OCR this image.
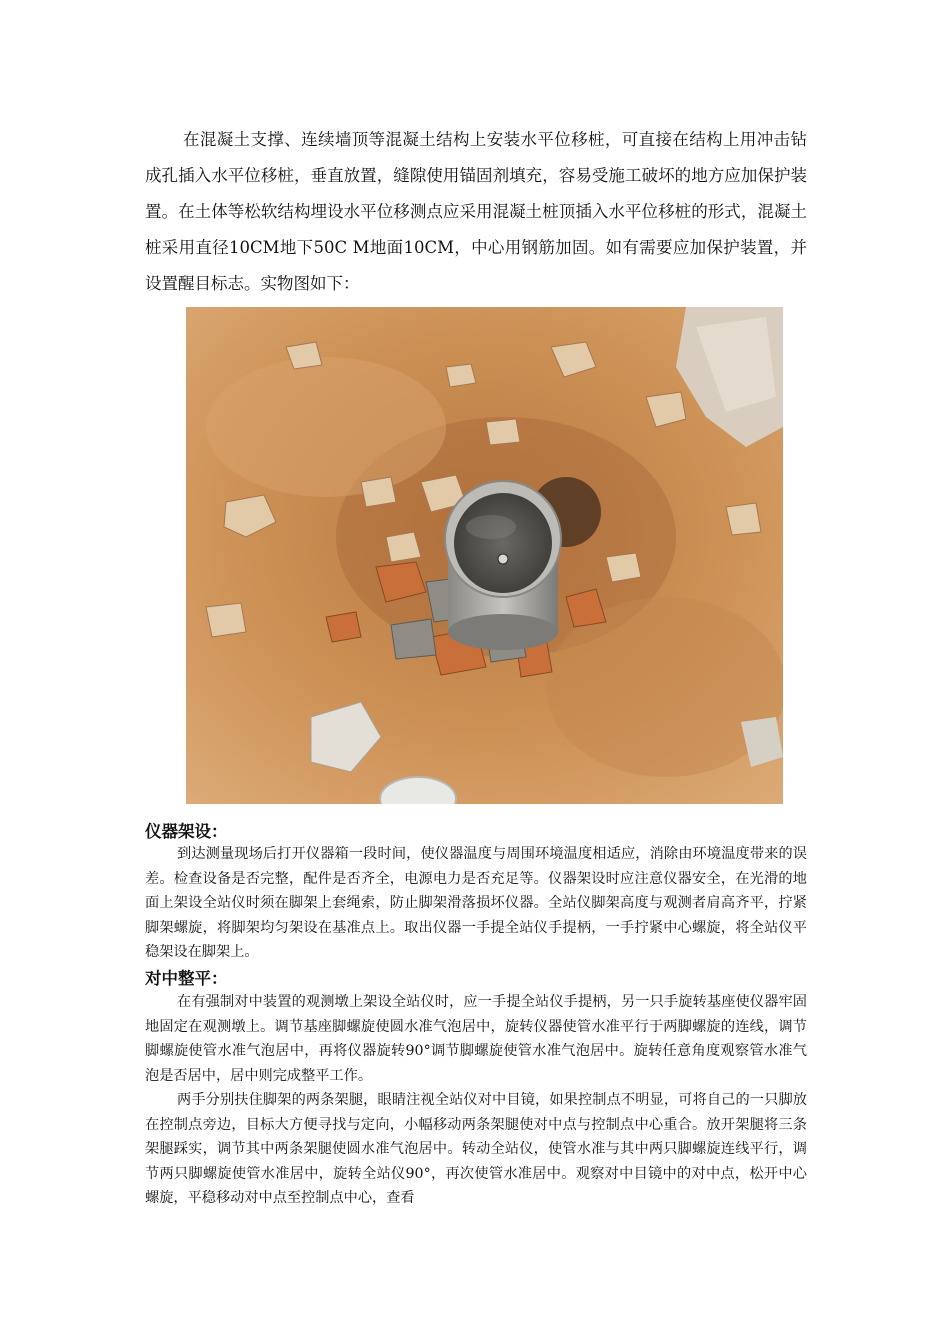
在混凝土支撑、连续墙顶等混凝土结构上安装水平位移桩，可直接在结构上用冲击钻成孔插入水平位移桩，垂直放置，缝隙使用锚固剂填充，容易受施工破坏的地方应加保护装置。在土体等松软结构埋设水平位移测点应采用混凝土桩顶插入水平位移桩的形式，混凝土桩采用直径10CM地下50C M地面10CM，中心用钢筋加固。如有需要应加保护装置，并设置醒目标志。实物图如下：

仪器架设：

到达测量现场后打开仪器箱一段时间，使仪器温度与周围环境温度相适应，消除由环境温度带来的误差。检查设备是否完整，配件是否齐全，电源电力是否充足等。仪器架设时应注意仪器安全，在光滑的地面上架设全站仪时须在脚架上套绳索，防止脚架滑落损坏仪器。全站仪脚架高度与观测者肩高齐平，拧紧脚架螺旋，将脚架均匀架设在基准点上。取出仪器一手提全站仪手提柄，一手拧紧中心螺旋，将全站仪平稳架设在脚架上。

对中整平：

在有强制对中装置的观测墩上架设全站仪时，应一手提全站仪手提柄，另一只手旋转基座使仪器牢固地固定在观测墩上。调节基座脚螺旋使圆水准气泡居中，旋转仪器使管水准平行于两脚螺旋的连线，调节脚螺旋使管水准气泡居中，再将仪器旋转90°调节脚螺旋使管水准气泡居中。旋转任意角度观察管水准气泡是否居中，居中则完成整平工作。

两手分别扶住脚架的两条架腿，眼睛注视全站仪对中目镜，如果控制点不明显，可将自己的一只脚放在控制点旁边，目标大方便寻找与定向，小幅移动两条架腿使对中点与控制点中心重合。放开架腿将三条架腿踩实，调节其中两条架腿使圆水准气泡居中。转动全站仪，使管水准与其中两只脚螺旋连线平行，调节两只脚螺旋使管水准居中，旋转全站仪90°，再次使管水准居中。观察对中目镜中的对中点，松开中心螺旋，平稳移动对中点至控制点中心，查看
